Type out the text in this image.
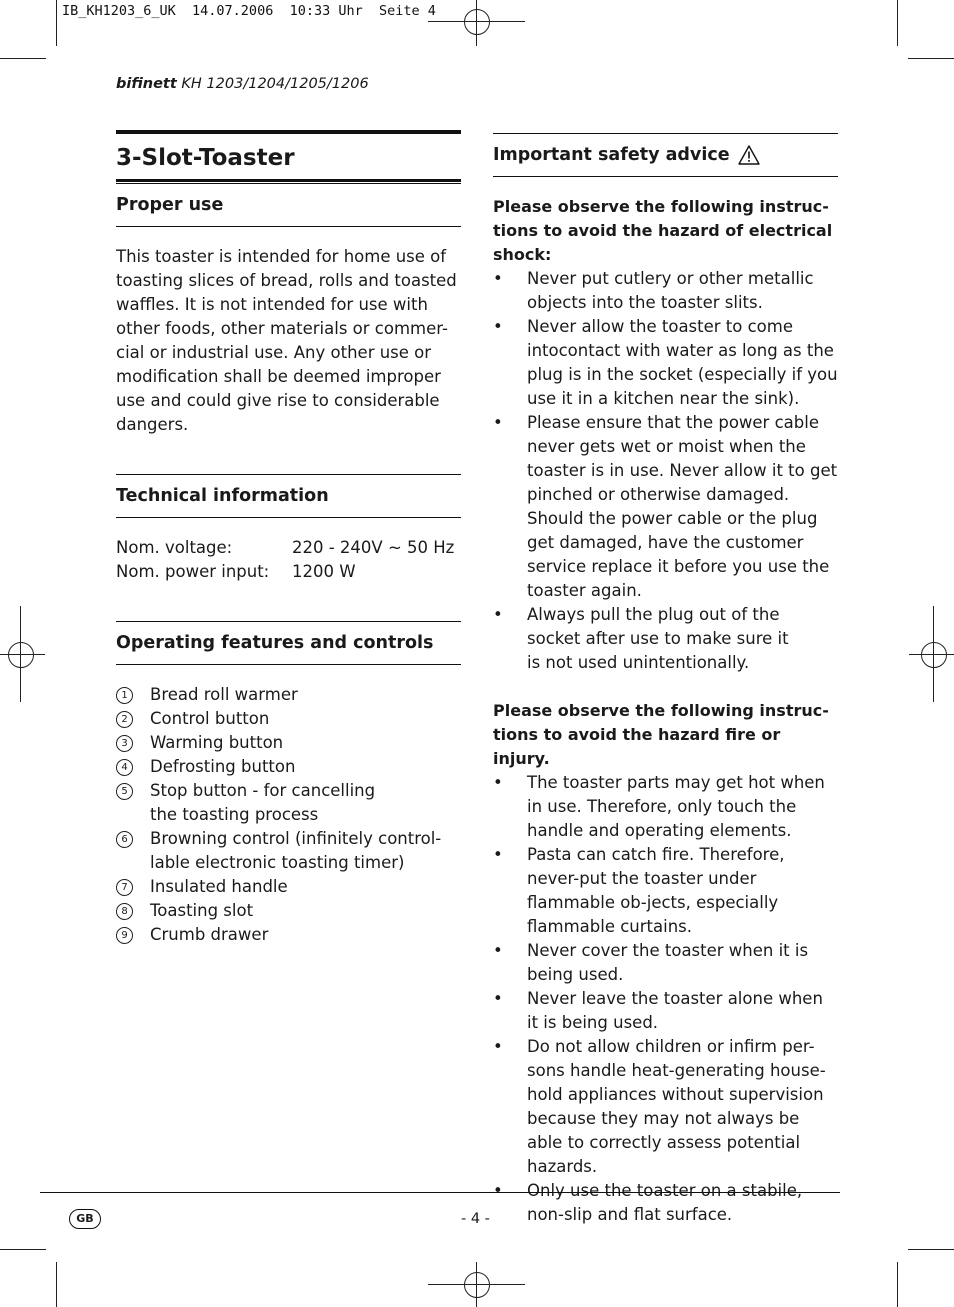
IB_KH1203_6_UK  14.07.2006  10:33 Uhr  Seite 4
bifinett KH 1203/1204/1205/1206
3-Slot-Toaster
Proper use
This toaster is intended for home use of toasting slices of bread, rolls and toasted waffles. It is not intended for use with other foods, other materials or commer-cial or industrial use. Any other use or modification shall be deemed improper use and could give rise to considerable dangers.
Technical information
Nom. voltage:	220 - 240V ~ 50 Hz
Nom. power input:	1200 W
Operating features and controls
1	Bread roll warmer
2	Control button
3	Warming button
4	Defrosting button
5	Stop button - for cancelling the toasting process
6	Browning control (infinitely control-lable electronic toasting timer)
7	Insulated handle
8	Toasting slot
9	Crumb drawer
Important safety advice
Please observe the following instruc-tions to avoid the hazard of electrical shock:
•	Never put cutlery or other metallic objects into the toaster slits.
•	Never allow the toaster to come intocontact with water as long as the plug is in the socket (especially if you use it in a kitchen near the sink).
•	Please ensure that the power cable never gets wet or moist when the toaster is in use. Never allow it to get pinched or otherwise damaged. Should the power cable or the plug get damaged, have the customer service replace it before you use the toaster again.
•	Always pull the plug out of the socket after use to make sure it is not used unintentionally.
Please observe the following instruc-tions to avoid the hazard fire or injury.
•	The toaster parts may get hot when in use. Therefore, only touch the handle and operating elements.
•	Pasta can catch fire. Therefore, never-put the toaster under flammable ob-jects, especially flammable curtains.
•	Never cover the toaster when it is being used.
•	Never leave the toaster alone when it is being used.
•	Do not allow children or infirm per-sons handle heat-generating house-hold appliances without supervision because they may not always be able to correctly assess potential hazards.
•	Only use the toaster on a stabile, non-slip and flat surface.
GB	- 4 -
